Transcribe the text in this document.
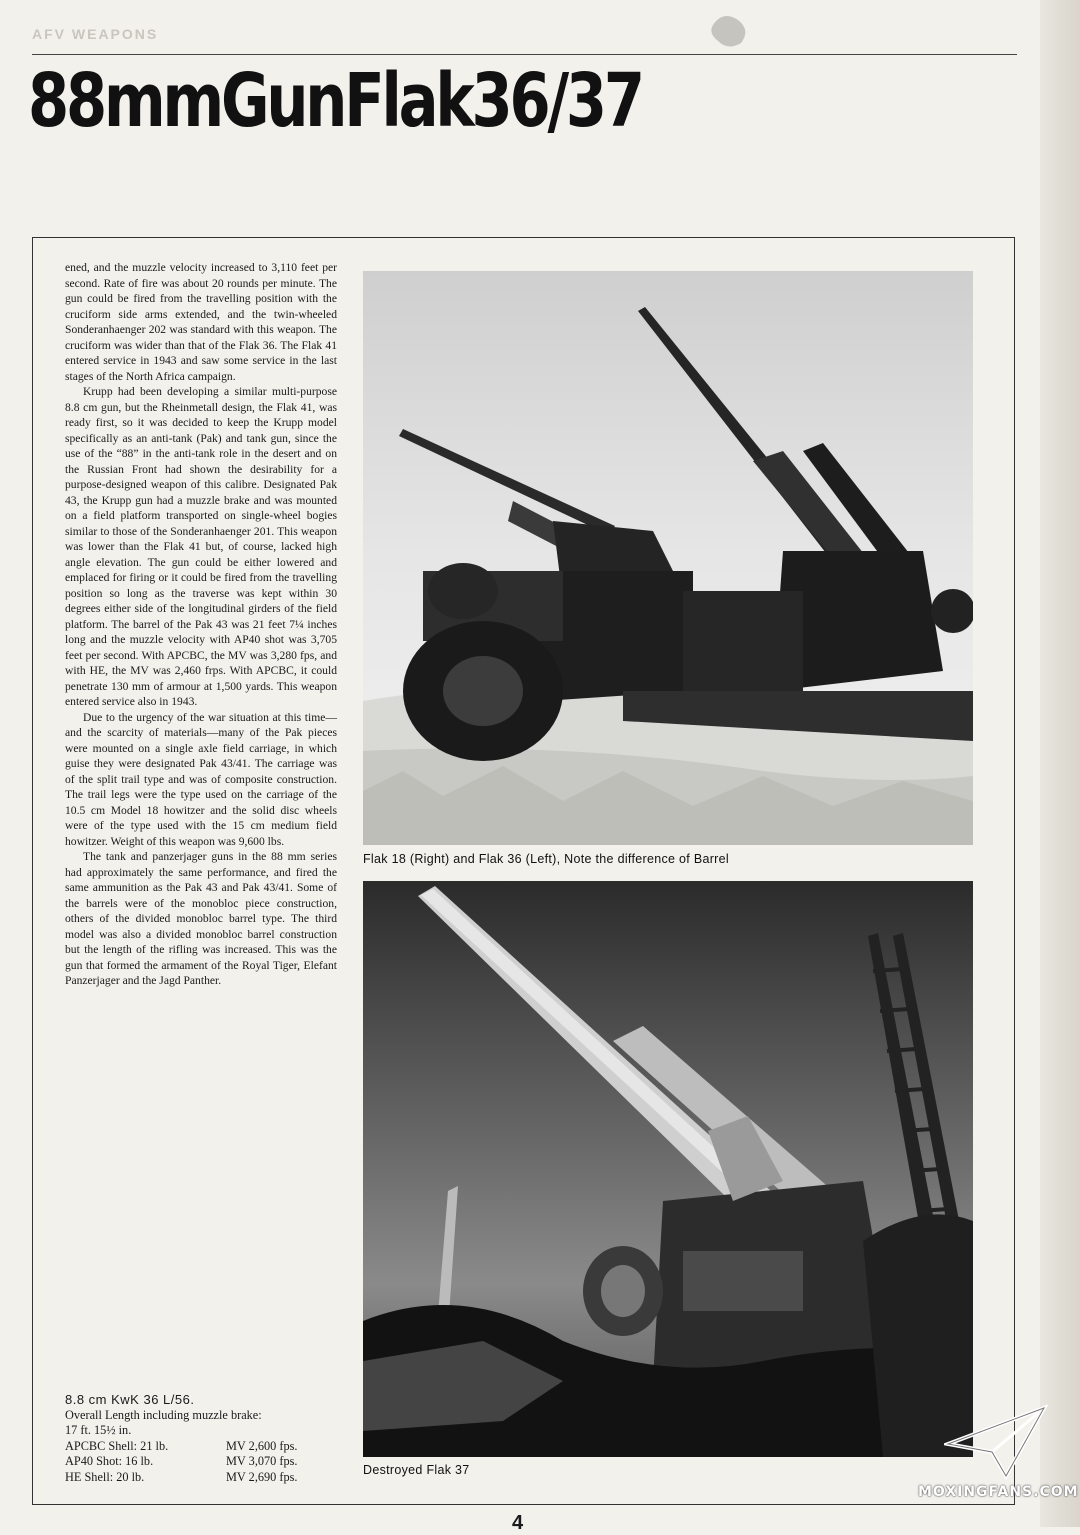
AFV WEAPONS
88mmGunFlak36/37

ened, and the muzzle velocity increased to 3,110 feet per second. Rate of fire was about 20 rounds per minute. The gun could be fired from the travelling position with the cruciform side arms extended, and the twin-wheeled Sonderanhaenger 202 was standard with this weapon. The cruciform was wider than that of the Flak 36. The Flak 41 entered service in 1943 and saw some service in the last stages of the North Africa campaign.

Krupp had been developing a similar multi-purpose 8.8 cm gun, but the Rheinmetall design, the Flak 41, was ready first, so it was decided to keep the Krupp model specifically as an anti-tank (Pak) and tank gun, since the use of the “88” in the anti-tank role in the desert and on the Russian Front had shown the desirability for a purpose-designed weapon of this calibre. Designated Pak 43, the Krupp gun had a muzzle brake and was mounted on a field platform transported on single-wheel bogies similar to those of the Sonderanhaenger 201. This weapon was lower than the Flak 41 but, of course, lacked high angle elevation. The gun could be either lowered and emplaced for firing or it could be fired from the travelling position so long as the traverse was kept within 30 degrees either side of the longitudinal girders of the field platform. The barrel of the Pak 43 was 21 feet 7¼ inches long and the muzzle velocity with AP40 shot was 3,705 feet per second. With APCBC, the MV was 3,280 fps, and with HE, the MV was 2,460 frps. With APCBC, it could penetrate 130 mm of armour at 1,500 yards. This weapon entered service also in 1943.

Due to the urgency of the war situation at this time—and the scarcity of materials—many of the Pak pieces were mounted on a single axle field carriage, in which guise they were designated Pak 43/41. The carriage was of the split trail type and was of composite construction. The trail legs were the type used on the carriage of the 10.5 cm Model 18 howitzer and the solid disc wheels were of the type used with the 15 cm medium field howitzer. Weight of this weapon was 9,600 lbs.

The tank and panzerjager guns in the 88 mm series had approximately the same performance, and fired the same ammunition as the Pak 43 and Pak 43/41. Some of the barrels were of the monobloc piece construction, others of the divided monobloc barrel type. The third model was also a divided monobloc barrel construction but the length of the rifling was increased. This was the gun that formed the armament of the Royal Tiger, Elefant Panzerjager and the Jagd Panther.

8.8 cm KwK 36 L/56.
Overall Length including muzzle brake:
17 ft. 15½ in.
APCBC Shell: 21 lb.	MV 2,600 fps.
AP40 Shot: 16 lb.	MV 3,070 fps.
HE Shell: 20 lb.	MV 2,690 fps.
Flak 18 (Right) and Flak 36 (Left), Note the difference of Barrel
Destroyed Flak 37
4
MOXINGFANS.COM
